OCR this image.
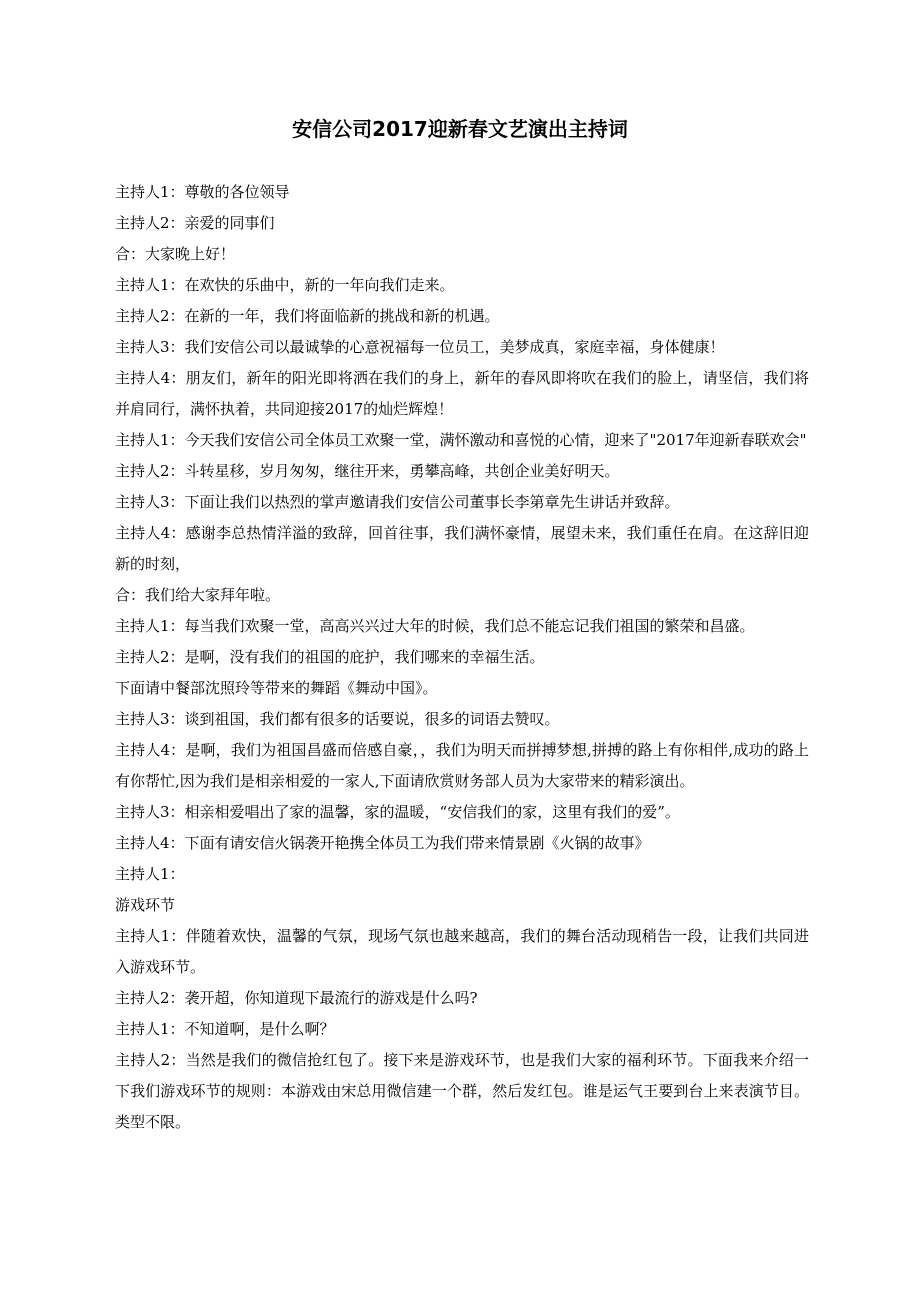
安信公司2017迎新春文艺演出主持词

主持人1：尊敬的各位领导

主持人2：亲爱的同事们

合：大家晚上好！

主持人1：在欢快的乐曲中，新的一年向我们走来。

主持人2：在新的一年，我们将面临新的挑战和新的机遇。

主持人3：我们安信公司以最诚挚的心意祝福每一位员工，美梦成真，家庭幸福，身体健康！

主持人4：朋友们，新年的阳光即将洒在我们的身上，新年的春风即将吹在我们的脸上，请坚信，我们将并肩同行，满怀执着，共同迎接2017的灿烂辉煌！

主持人1：今天我们安信公司全体员工欢聚一堂，满怀激动和喜悦的心情，迎来了"2017年迎新春联欢会"

主持人2：斗转星移，岁月匆匆，继往开来，勇攀高峰，共创企业美好明天。

主持人3：下面让我们以热烈的掌声邀请我们安信公司董事长李第章先生讲话并致辞。

主持人4：感谢李总热情洋溢的致辞，回首往事，我们满怀豪情，展望未来，我们重任在肩。在这辞旧迎新的时刻，

合：我们给大家拜年啦。

主持人1：每当我们欢聚一堂，高高兴兴过大年的时候，我们总不能忘记我们祖国的繁荣和昌盛。

主持人2：是啊，没有我们的祖国的庇护，我们哪来的幸福生活。

下面请中餐部沈照玲等带来的舞蹈《舞动中国》。

主持人3：谈到祖国，我们都有很多的话要说，很多的词语去赞叹。

主持人4：是啊，我们为祖国昌盛而倍感自豪，，我们为明天而拼搏梦想,拼搏的路上有你相伴,成功的路上有你帮忙,因为我们是相亲相爱的一家人,下面请欣赏财务部人员为大家带来的精彩演出。

主持人3：相亲相爱唱出了家的温馨，家的温暖，“安信我们的家，这里有我们的爱”。

主持人4：下面有请安信火锅袭开艳携全体员工为我们带来情景剧《火锅的故事》

主持人1：

游戏环节

主持人1：伴随着欢快，温馨的气氛，现场气氛也越来越高，我们的舞台活动现稍告一段，让我们共同进入游戏环节。

主持人2：袭开超，你知道现下最流行的游戏是什么吗?

主持人1：不知道啊，是什么啊？

主持人2：当然是我们的微信抢红包了。接下来是游戏环节，也是我们大家的福利环节。下面我来介绍一下我们游戏环节的规则：本游戏由宋总用微信建一个群，然后发红包。谁是运气王要到台上来表演节目。类型不限。
